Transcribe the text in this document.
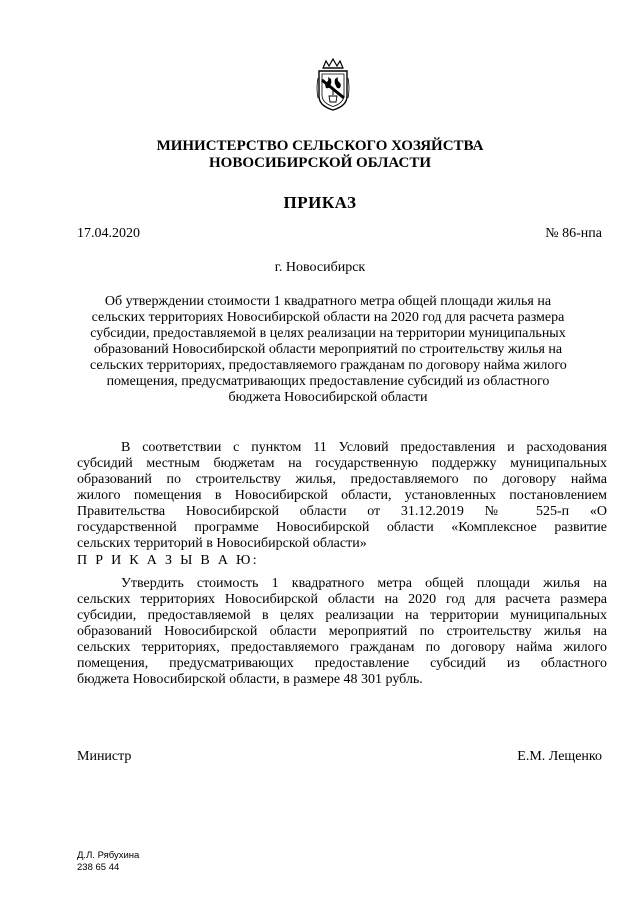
МИНИСТЕРСТВО СЕЛЬСКОГО ХОЗЯЙСТВА
НОВОСИБИРСКОЙ ОБЛАСТИ
ПРИКАЗ
17.04.2020	№ 86-нпа
г. Новосибирск
Об утверждении стоимости 1 квадратного метра общей площади жилья на
сельских территориях Новосибирской области на 2020 год для расчета размера
субсидии, предоставляемой в целях реализации на территории муниципальных
образований Новосибирской области мероприятий по строительству жилья на
сельских территориях, предоставляемого гражданам по договору найма жилого
помещения, предусматривающих предоставление субсидий из областного
бюджета Новосибирской области
В соответствии с пунктом 11 Условий предоставления и расходования
субсидий местным бюджетам на государственную поддержку муниципальных
образований по строительству жилья, предоставляемого по договору найма
жилого помещения в Новосибирской области, установленных постановлением
Правительства Новосибирской области от 31.12.2019 № 525-п «О
государственной программе Новосибирской области «Комплексное развитие
сельских территорий в Новосибирской области»
П Р И К А З Ы В А Ю:
Утвердить стоимость 1 квадратного метра общей площади жилья на
сельских территориях Новосибирской области на 2020 год для расчета размера
субсидии, предоставляемой в целях реализации на территории муниципальных
образований Новосибирской области мероприятий по строительству жилья на
сельских территориях, предоставляемого гражданам по договору найма жилого
помещения, предусматривающих предоставление субсидий из областного
бюджета Новосибирской области, в размере 48 301 рубль.
Министр	Е.М. Лещенко
Д.Л. Рябухина
238 65 44
